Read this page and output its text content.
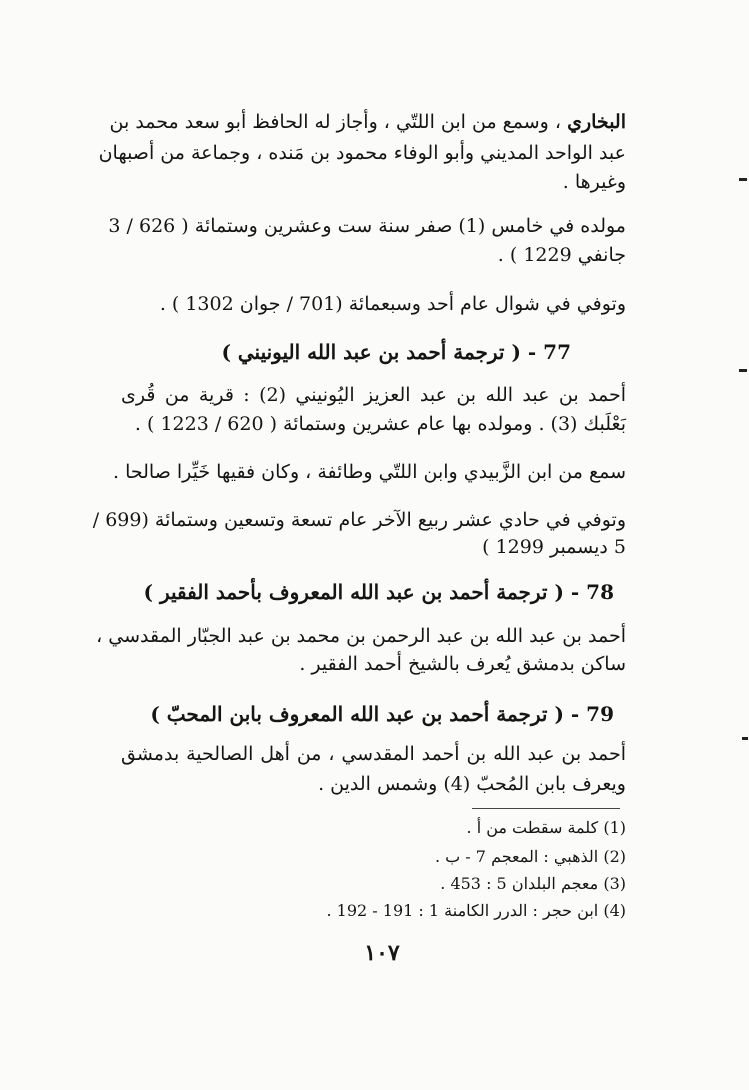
البخاري ، وسمع من ابن اللتّي ، وأجاز له الحافظ أبو سعد محمد بن
عبد الواحد المديني وأبو الوفاء محمود بن مَنده ، وجماعة من أصبهان
وغيرها .
مولده في خامس (1) صفر سنة ست وعشرين وستمائة ( 626 / 3
جانفي 1229 ) .
وتوفي في شوال عام أحد وسبعمائة (701 / جوان 1302 ) .
77 - ( ترجمة أحمد بن عبد الله اليونيني )
أحمد بن عبد الله بن عبد العزيز اليُونيني (2) : قرية من قُرى
بَعْلَبك (3) . ومولده بها عام عشرين وستمائة ( 620 / 1223 ) .
سمع من ابن الزَّبيدي وابن اللتّي وطائفة ، وكان فقيها خَيِّرا صالحا .
وتوفي في حادي عشر ربيع الآخر عام تسعة وتسعين وستمائة (699 /
5 ديسمبر 1299 )
78 - ( ترجمة أحمد بن عبد الله المعروف بأحمد الفقير )
أحمد بن عبد الله بن عبد الرحمن بن محمد بن عبد الجبّار المقدسي ،
ساكن بدمشق يُعرف بالشيخ أحمد الفقير .
79 - ( ترجمة أحمد بن عبد الله المعروف بابن المحبّ )
أحمد بن عبد الله بن أحمد المقدسي ، من أهل الصالحية بدمشق
ويعرف بابن المُحبّ (4) وشمس الدين .
(1) كلمة سقطت من أ .
(2) الذهبي : المعجم 7 - ب .
(3) معجم البلدان 5 : 453 .
(4) ابن حجر : الدرر الكامنة 1 : 191 - 192 .
١٠٧
